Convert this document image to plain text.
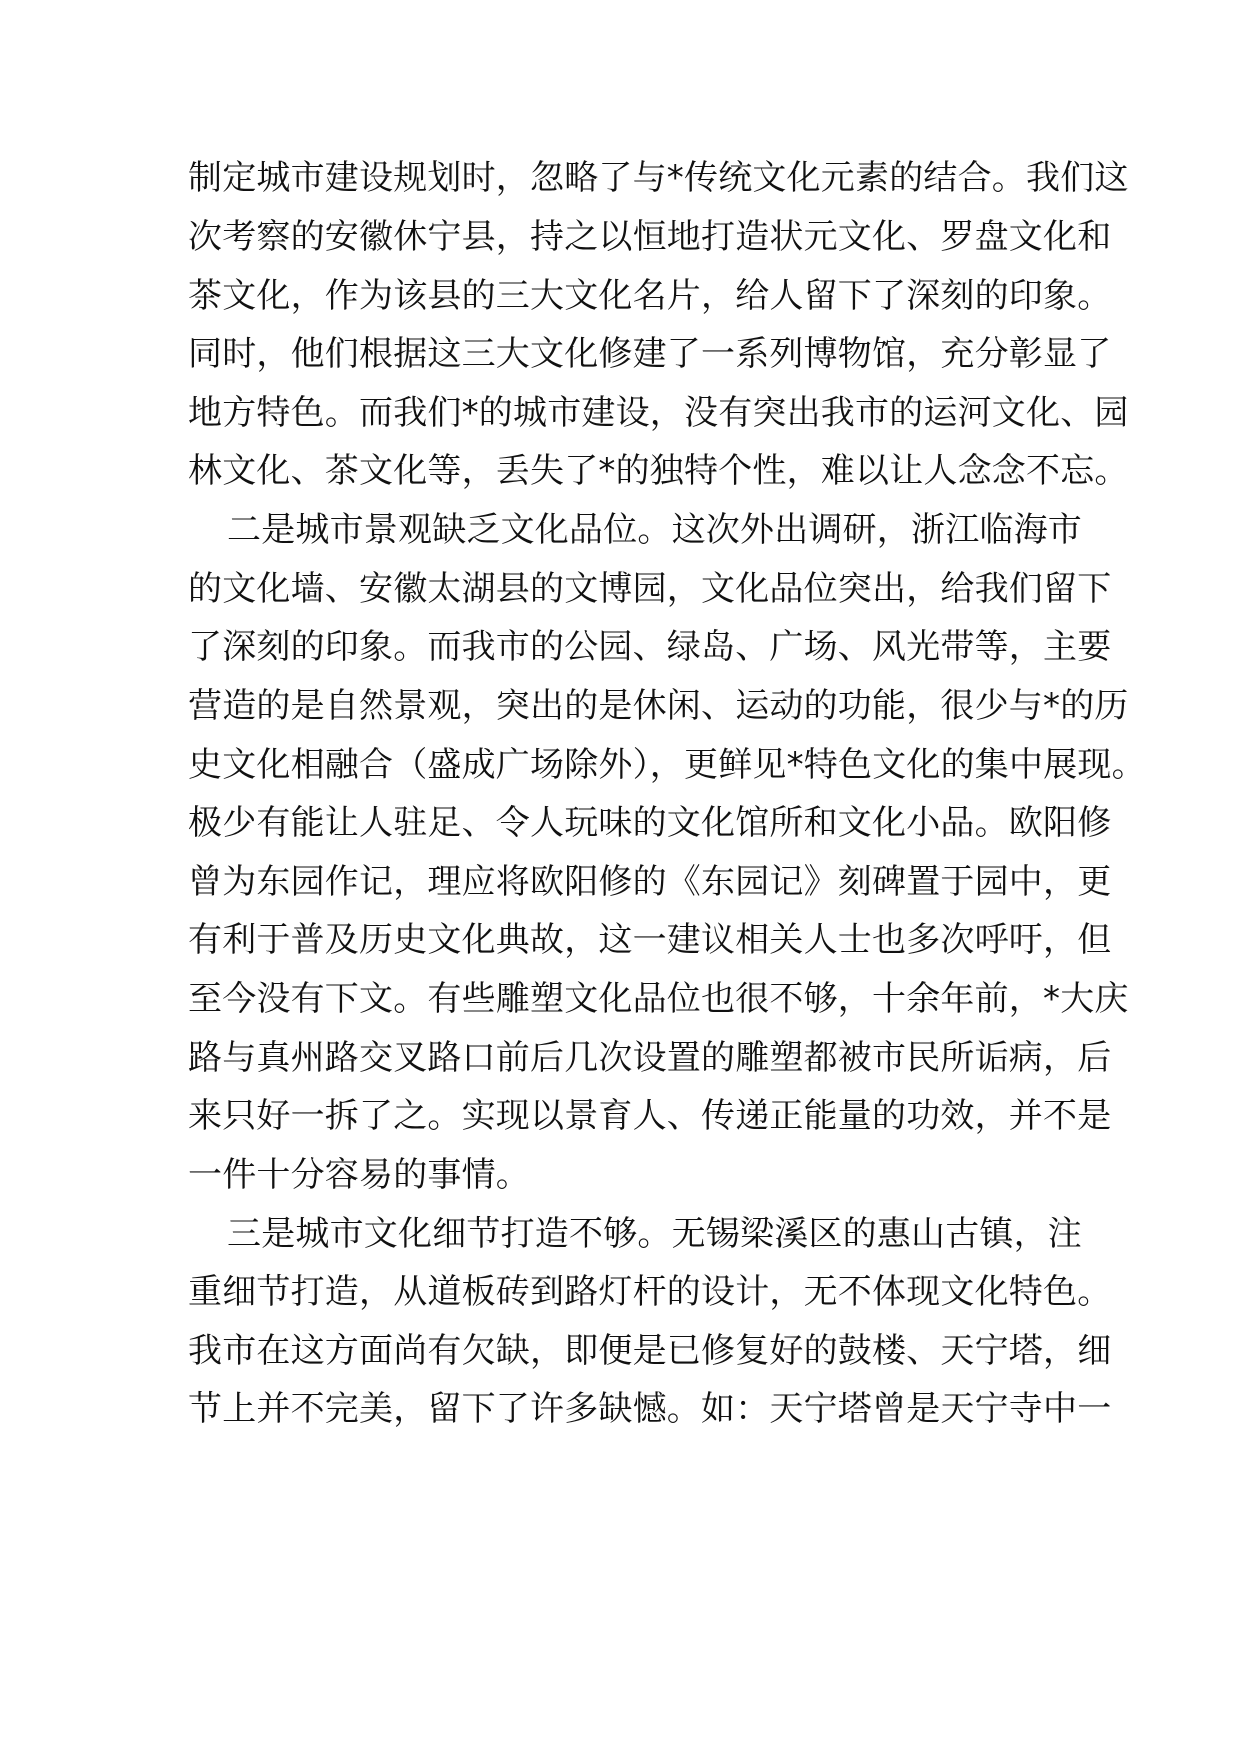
制定城市建设规划时，忽略了与*传统文化元素的结合。我们这

次考察的安徽休宁县，持之以恒地打造状元文化、罗盘文化和

茶文化，作为该县的三大文化名片，给人留下了深刻的印象。

同时，他们根据这三大文化修建了一系列博物馆，充分彰显了

地方特色。而我们*的城市建设，没有突出我市的运河文化、园

林文化、茶文化等，丢失了*的独特个性，难以让人念念不忘。

二是城市景观缺乏文化品位。这次外出调研，浙江临海市

的文化墙、安徽太湖县的文博园，文化品位突出，给我们留下

了深刻的印象。而我市的公园、绿岛、广场、风光带等，主要

营造的是自然景观，突出的是休闲、运动的功能，很少与*的历

史文化相融合（盛成广场除外），更鲜见*特色文化的集中展现。

极少有能让人驻足、令人玩味的文化馆所和文化小品。欧阳修

曾为东园作记，理应将欧阳修的《东园记》刻碑置于园中，更

有利于普及历史文化典故，这一建议相关人士也多次呼吁，但

至今没有下文。有些雕塑文化品位也很不够，十余年前，*大庆

路与真州路交叉路口前后几次设置的雕塑都被市民所诟病，后

来只好一拆了之。实现以景育人、传递正能量的功效，并不是

一件十分容易的事情。

三是城市文化细节打造不够。无锡梁溪区的惠山古镇，注

重细节打造，从道板砖到路灯杆的设计，无不体现文化特色。

我市在这方面尚有欠缺，即便是已修复好的鼓楼、天宁塔，细

节上并不完美，留下了许多缺憾。如：天宁塔曾是天宁寺中一
